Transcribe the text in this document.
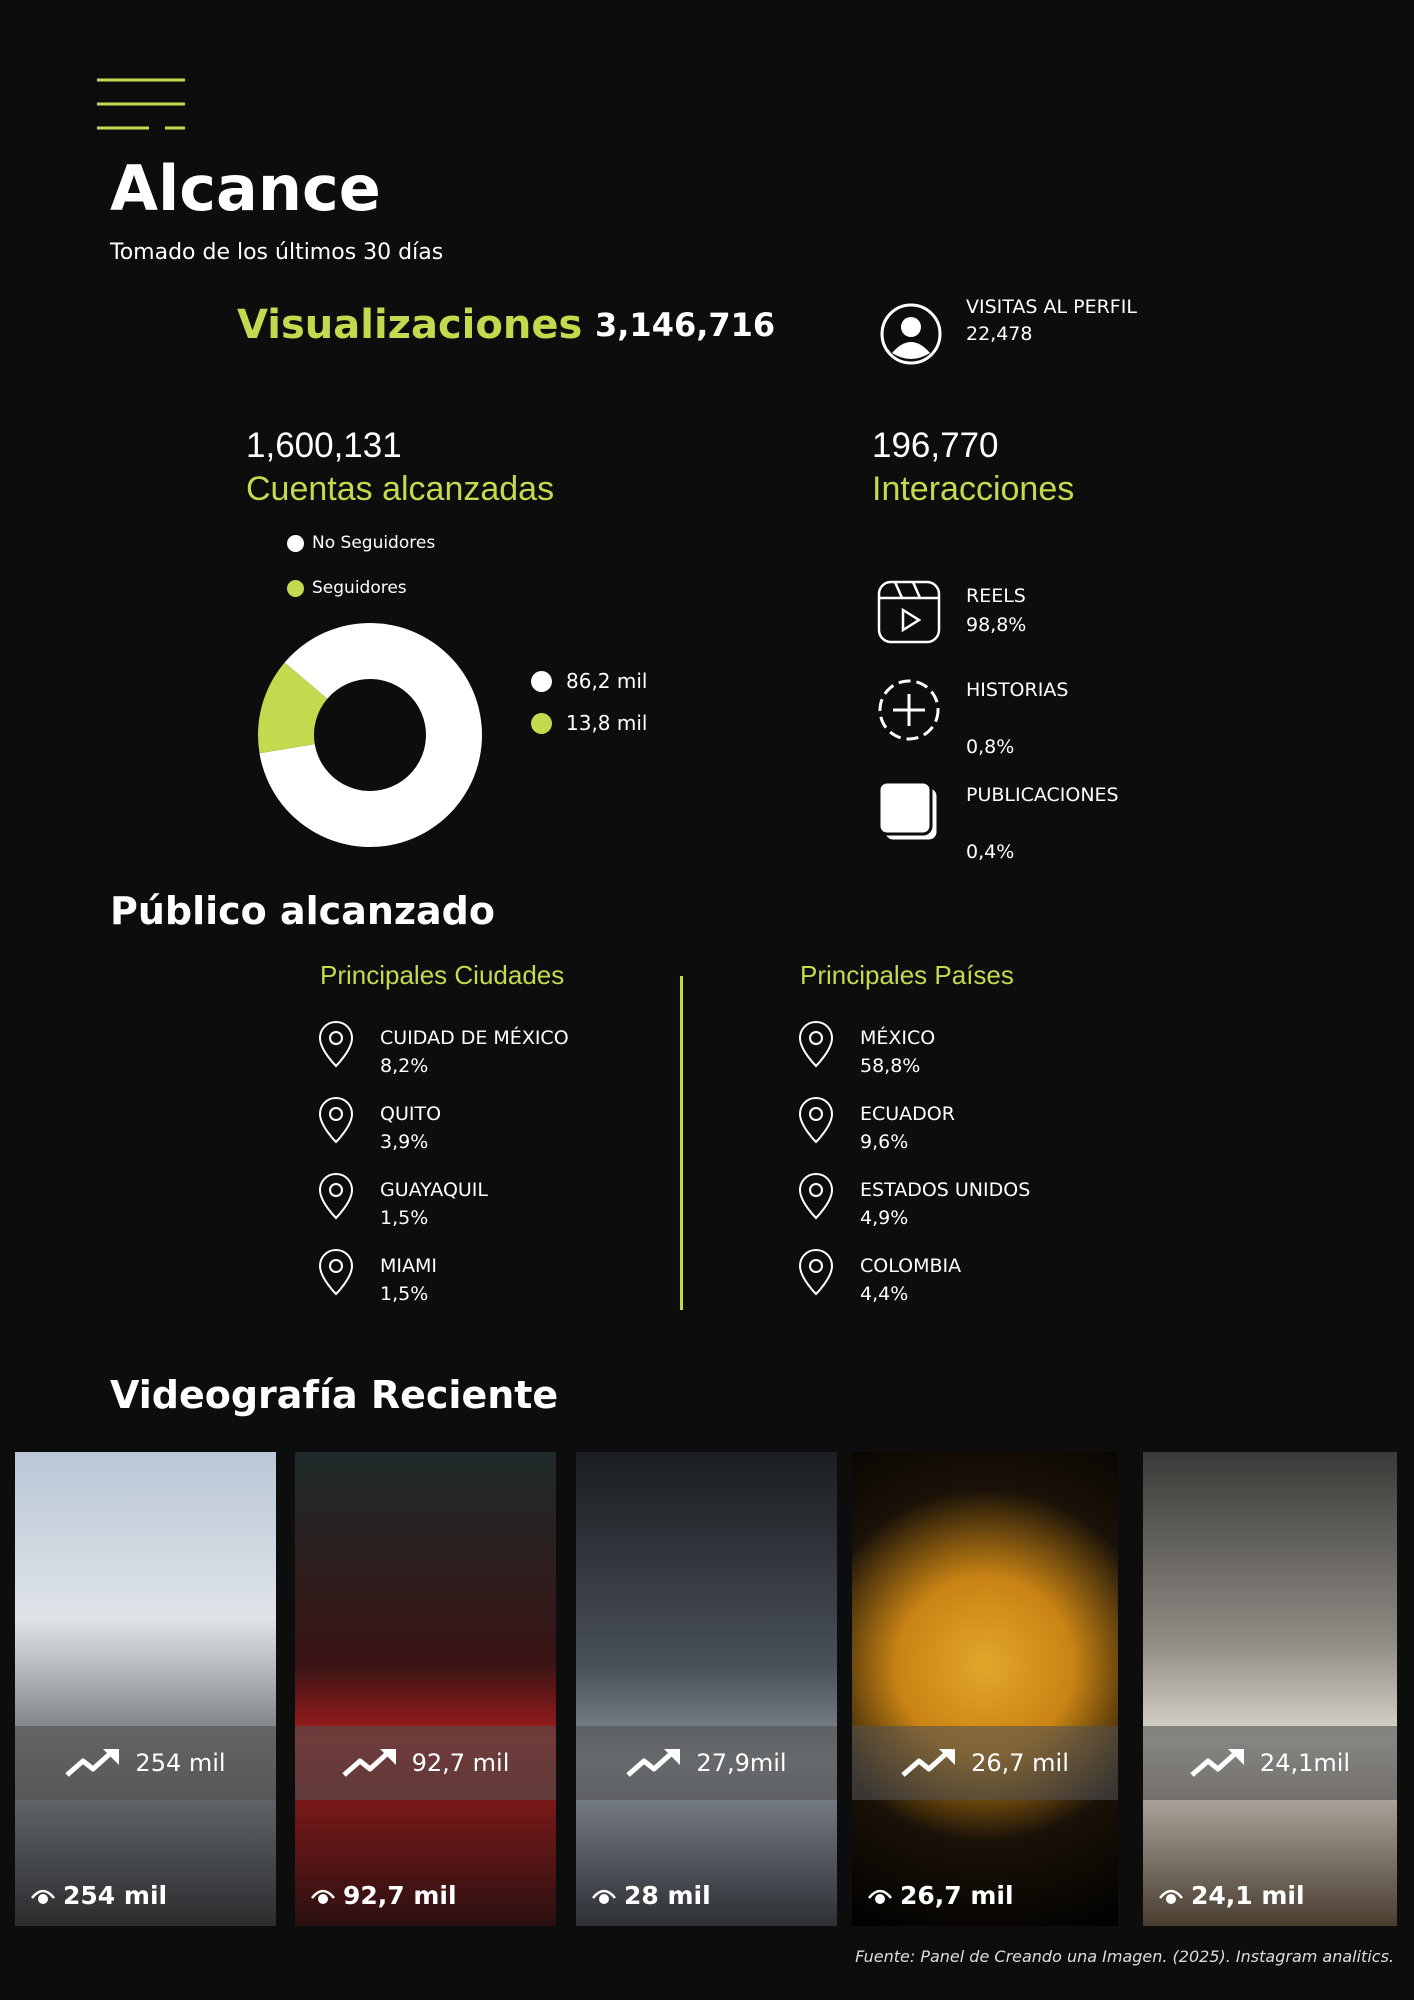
Alcance
Tomado de los últimos 30 días
Visualizaciones 3,146,716	VISITAS AL PERFIL
22,478
1,600,131
Cuentas alcanzadas
196,770
Interacciones
No Seguidores
Seguidores
86,2 mil
13,8 mil
REELS
98,8%
HISTORIAS
0,8%
PUBLICACIONES
0,4%
Público alcanzado
Principales Ciudades	Principales Países
CUIDAD DE MÉXICO
8,2%
QUITO
3,9%
GUAYAQUIL
1,5%
MIAMI
1,5%
MÉXICO
58,8%
ECUADOR
9,6%
ESTADOS UNIDOS
4,9%
COLOMBIA
4,4%
Videografía Reciente
254 mil
254 mil
92,7 mil
92,7 mil
27,9mil
28 mil
26,7 mil
26,7 mil
24,1mil
24,1 mil
Fuente: Panel de Creando una Imagen. (2025). Instagram analitics.
